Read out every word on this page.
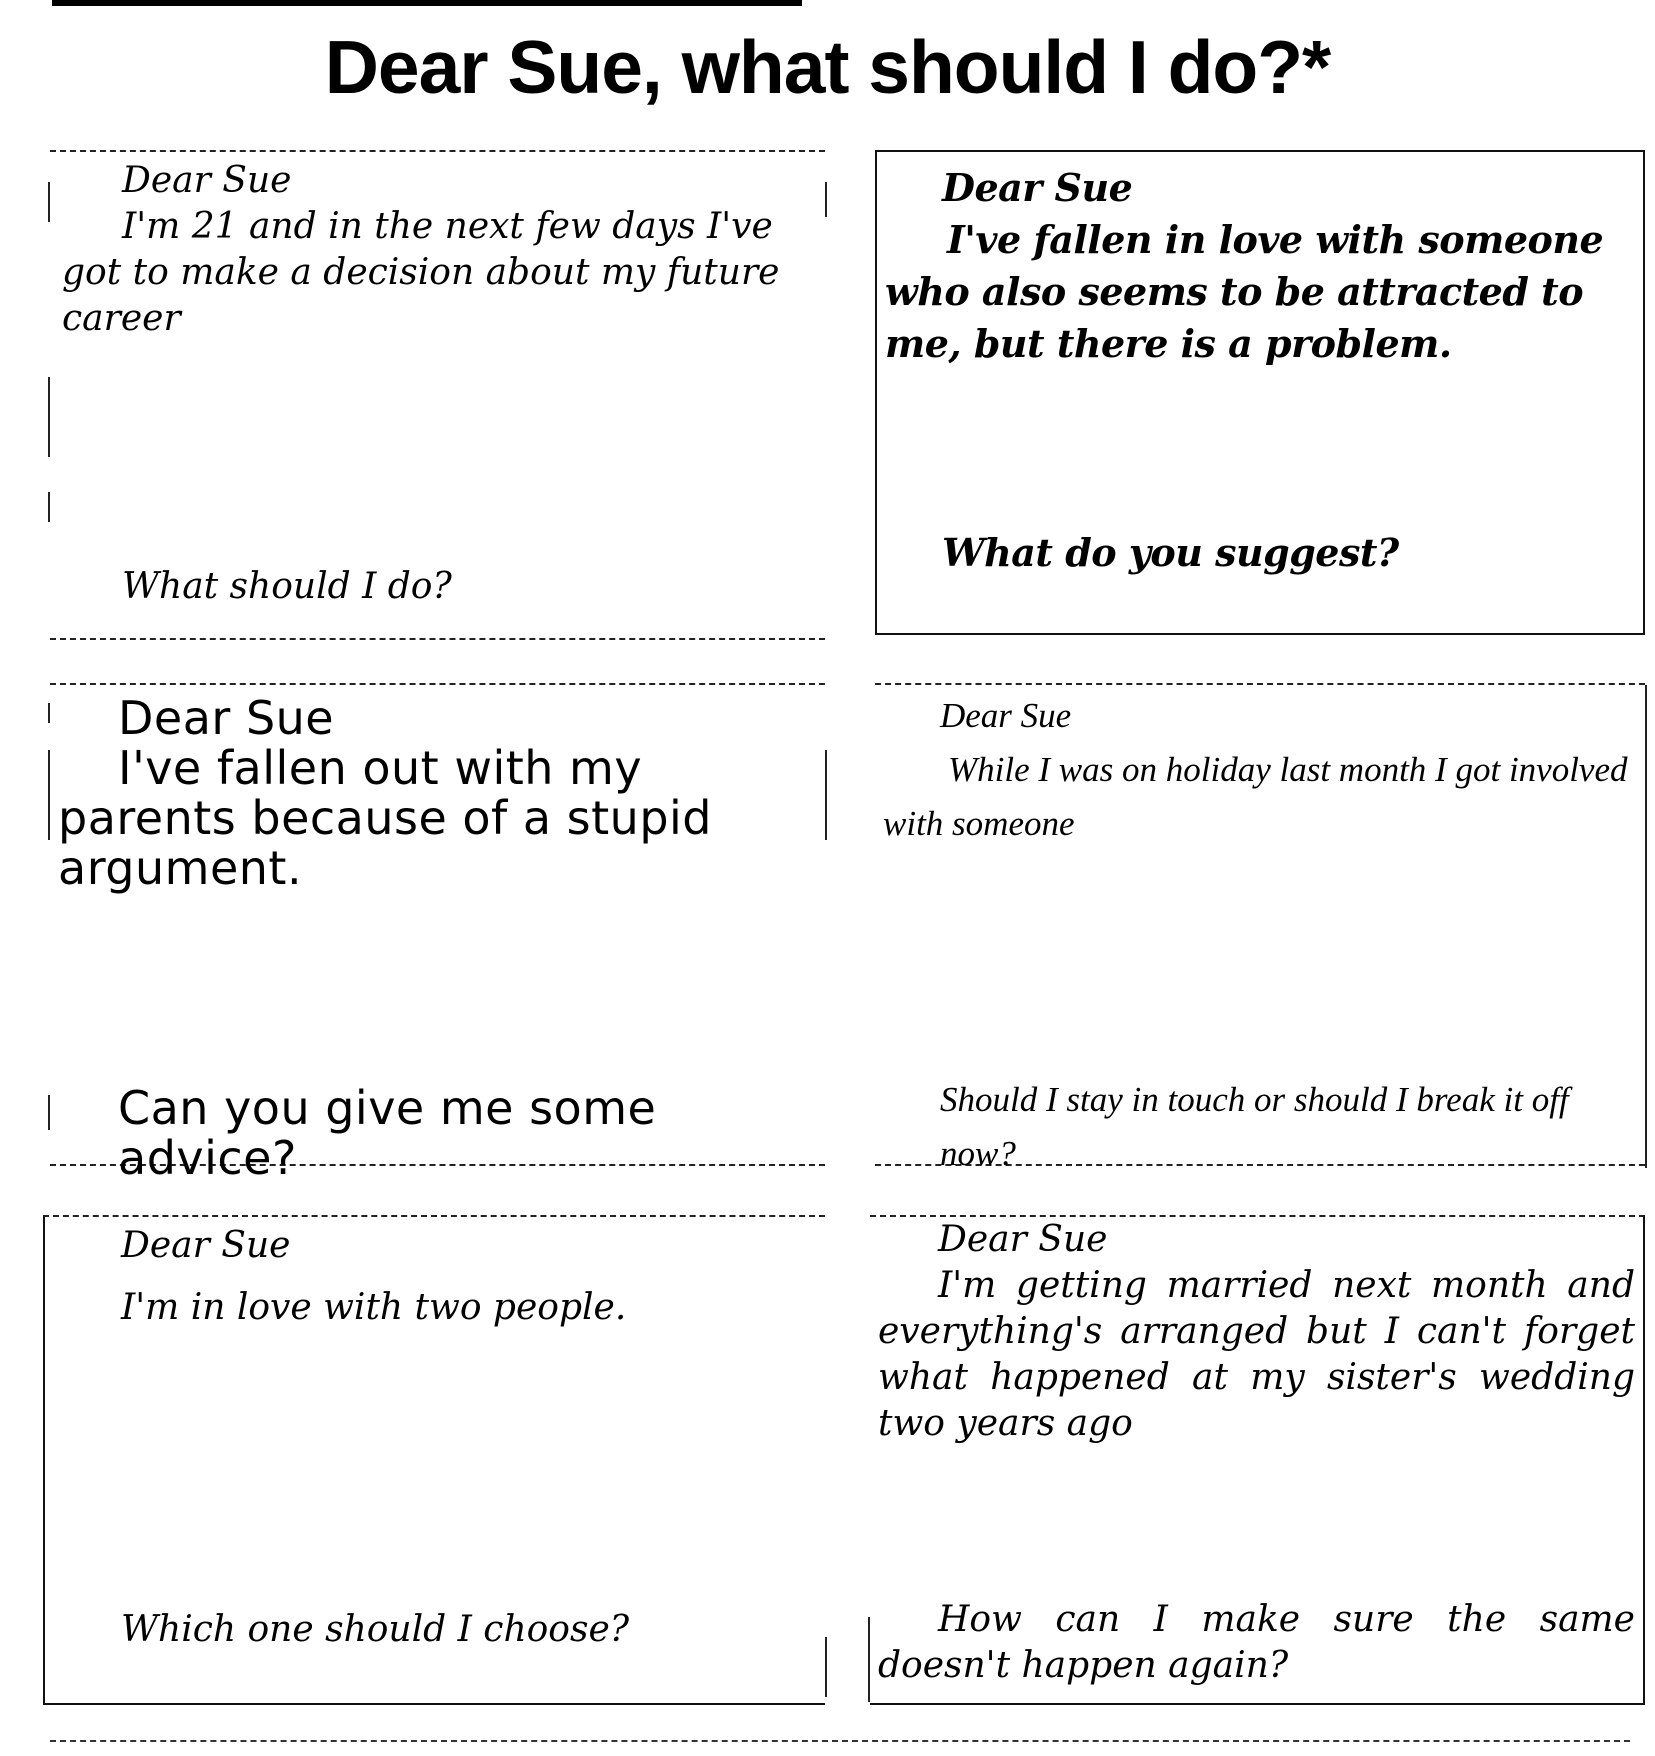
Dear Sue, what should I do?*
Dear Sue

I'm 21 and in the next few days I've got to make a decision about my future career

What should I do?

Dear Sue

I've fallen in love with someone who also seems to be attracted to me, but there is a problem.

What do you suggest?

Dear Sue

I've fallen out with my parents because of a stupid argument.

Can you give me some advice?

Dear Sue

While I was on holiday last month I got involved with someone

Should I stay in touch or should I break it off now?

Dear Sue

I'm in love with two people.

Which one should I choose?

Dear Sue

I'm getting married next month and everything's arranged but I can't forget what happened at my sister's wedding two years ago

How can I make sure the same doesn't happen again?
